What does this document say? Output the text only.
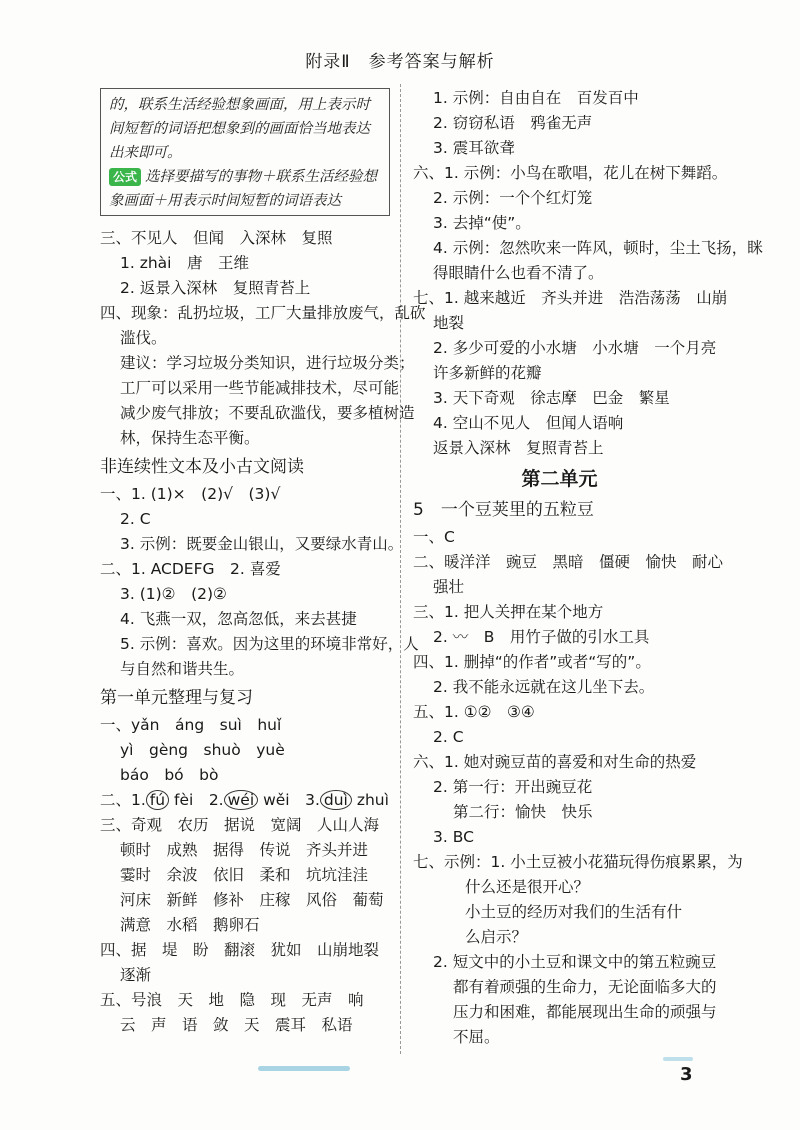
附录Ⅱ　参考答案与解析
的，联系生活经验想象画面，用上表示时间短暂的词语把想象到的画面恰当地表达出来即可。
公式 选择要描写的事物＋联系生活经验想象画面＋用表示时间短暂的词语表达
三、不见人　但闻　入深林　复照
1. zhài　唐　王维
2. 返景入深林　复照青苔上
四、现象：乱扔垃圾，工厂大量排放废气，乱砍
滥伐。
建议：学习垃圾分类知识，进行垃圾分类；
工厂可以采用一些节能减排技术，尽可能
减少废气排放；不要乱砍滥伐，要多植树造
林，保持生态平衡。
非连续性文本及小古文阅读
一、1. (1)×　(2)√　(3)√
2. C
3. 示例：既要金山银山，又要绿水青山。
二、1. ACDEFG　2. 喜爱
3. (1)②　(2)②
4. 飞燕一双，忽高忽低，来去甚捷
5. 示例：喜欢。因为这里的环境非常好，人
与自然和谐共生。
第一单元整理与复习
一、yǎn　áng　suì　huǐ
yì　gèng　shuò　yuè
báo　bó　bò
二、1. fú fèi　2. wéi wěi　3. duì zhuì
三、奇观　农历　据说　宽阔　人山人海
顿时　成熟　据得　传说　齐头并进
霎时　余波　依旧　柔和　坑坑洼洼
河床　新鲜　修补　庄稼　风俗　葡萄
满意　水稻　鹅卵石
四、据　堤　盼　翻滚　犹如　山崩地裂
逐渐
五、号浪　天　地　隐　现　无声　响
云　声　语　敛　天　震耳　私语
1. 示例：自由自在　百发百中
2. 窃窃私语　鸦雀无声
3. 震耳欲聋
六、1. 示例：小鸟在歌唱，花儿在树下舞蹈。
2. 示例：一个个红灯笼
3. 去掉“使”。
4. 示例：忽然吹来一阵风，顿时，尘土飞扬，眯
得眼睛什么也看不清了。
七、1. 越来越近　齐头并进　浩浩荡荡　山崩
地裂
2. 多少可爱的小水塘　小水塘　一个月亮
许多新鲜的花瓣
3. 天下奇观　徐志摩　巴金　繁星
4. 空山不见人　但闻人语响
返景入深林　复照青苔上
第二单元
5　一个豆荚里的五粒豆
一、C
二、暖洋洋　豌豆　黑暗　僵硬　愉快　耐心
强壮
三、1. 把人关押在某个地方
2. 〰　B　用竹子做的引水工具
四、1. 删掉“的作者”或者“写的”。
2. 我不能永远就在这儿坐下去。
五、1. ①②　③④
2. C
六、1. 她对豌豆苗的喜爱和对生命的热爱
2. 第一行：开出豌豆花
第二行：愉快　快乐
3. BC
七、示例：1. 小土豆被小花猫玩得伤痕累累，为
什么还是很开心？
小土豆的经历对我们的生活有什
么启示？
2. 短文中的小土豆和课文中的第五粒豌豆
都有着顽强的生命力，无论面临多大的
压力和困难，都能展现出生命的顽强与
不屈。
3
